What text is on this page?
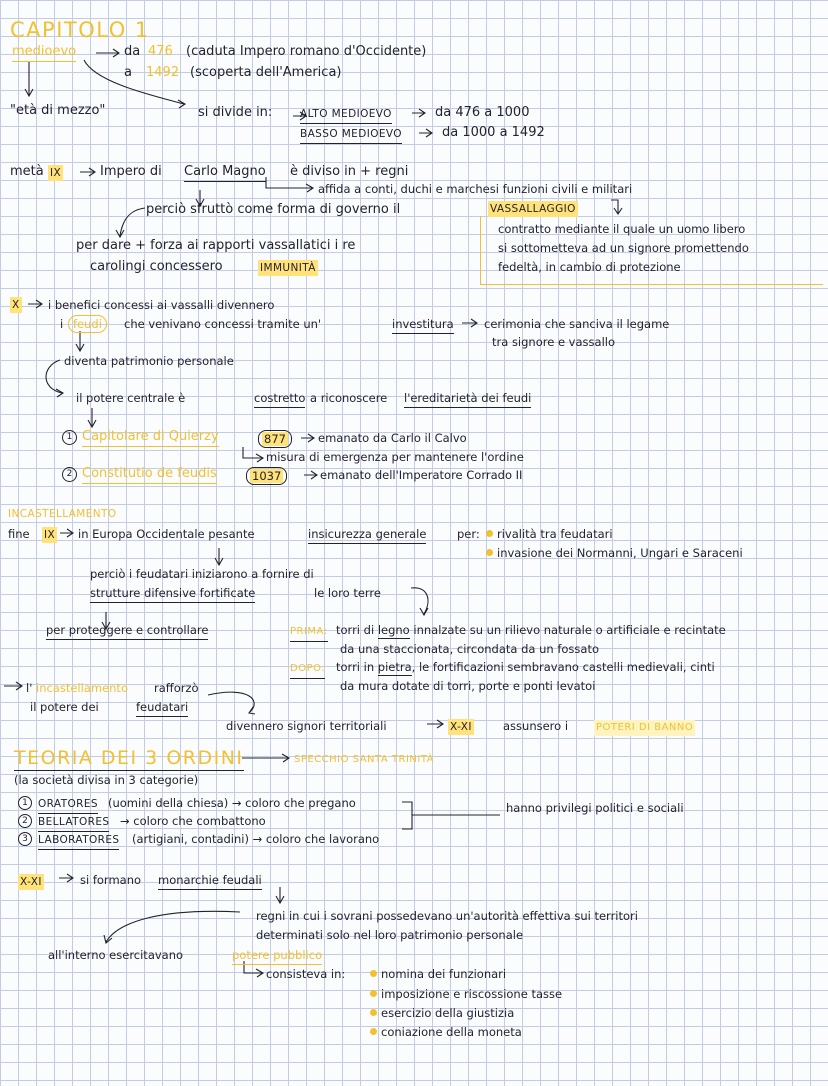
CAPITOLO 1
medioevo	da 476 (caduta Impero romano d'Occidente)
a 1492 (scoperta dell'America)
"età di mezzo"	si divide in:	ALTO MEDIOEVO	da 476 a 1000
BASSO MEDIOEVO	da 1000 a 1492
metà IX	Impero di Carlo Magno è diviso in + regni
affida a conti, duchi e marchesi funzioni civili e militari
perciò sfruttò come forma di governo il	VASSALLAGGIO
contratto mediante il quale un uomo libero
si sottometteva ad un signore promettendo
fedeltà, in cambio di protezione
per dare + forza ai rapporti vassallatici i re
carolingi concessero	IMMUNITÀ
X i benefici concessi ai vassalli divennero
i feudi	che venivano concessi tramite un'	investitura	cerimonia che sanciva il legame
tra signore e vassallo
diventa patrimonio personale
il potere centrale è	costretto a riconoscere l'ereditarietà dei feudi
1 Capitolare di Quierzy	877	emanato da Carlo il Calvo
misura di emergenza per mantenere l'ordine
2 Constitutio de feudis	1037	emanato dell'Imperatore Corrado II
INCASTELLAMENTO
fine IX in Europa Occidentale pesante	insicurezza generale	per:	rivalità tra feudatari
invasione dei Normanni, Ungari e Saraceni
perciò i feudatari iniziarono a fornire di
strutture difensive fortificate	le loro terre
per proteggere e controllare	PRIMA: torri di legno innalzate su un rilievo naturale o artificiale e recintate
da una staccionata, circondata da un fossato
DOPO: torri in pietra, le fortificazioni sembravano castelli medievali, cinti
da mura dotate di torri, porte e ponti levatoi
l' incastellamento rafforzò
il potere dei	feudatari
divennero signori territoriali	X-XI	assunsero i	POTERI DI BANNO
TEORIA DEI 3 ORDINI	SPECCHIO SANTA TRINITÀ
(la società divisa in 3 categorie)
1 ORATORES (uomini della chiesa) → coloro che pregano
2 BELLATORES → coloro che combattono
3 LABORATORES (artigiani, contadini) → coloro che lavorano
hanno privilegi politici e sociali
X-XI	si formano monarchie feudali
regni in cui i sovrani possedevano un'autorità effettiva sui territori
determinati solo nel loro patrimonio personale
all'interno esercitavano	potere pubblico
consisteva in:	nomina dei funzionari
imposizione e riscossione tasse
esercizio della giustizia
coniazione della moneta
